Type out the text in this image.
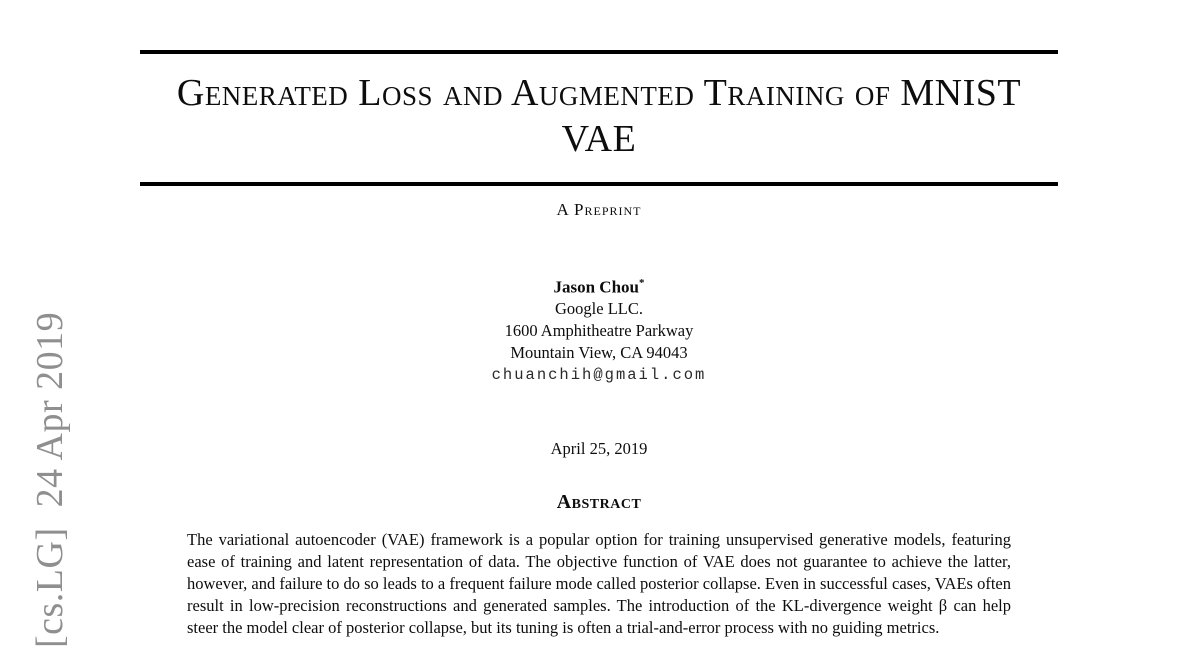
[cs.LG]  24 Apr 2019
Generated Loss and Augmented Training of MNIST
VAE
A Preprint
Jason Chou*
Google LLC.
1600 Amphitheatre Parkway
Mountain View, CA 94043
chuanchih@gmail.com
April 25, 2019
Abstract
The variational autoencoder (VAE) framework is a popular option for training unsupervised generative models, featuring ease of training and latent representation of data. The objective function of VAE does not guarantee to achieve the latter, however, and failure to do so leads to a frequent failure mode called posterior collapse. Even in successful cases, VAEs often result in low-precision reconstructions and generated samples. The introduction of the KL-divergence weight β can help steer the model clear of posterior collapse, but its tuning is often a trial-and-error process with no guiding metrics.
